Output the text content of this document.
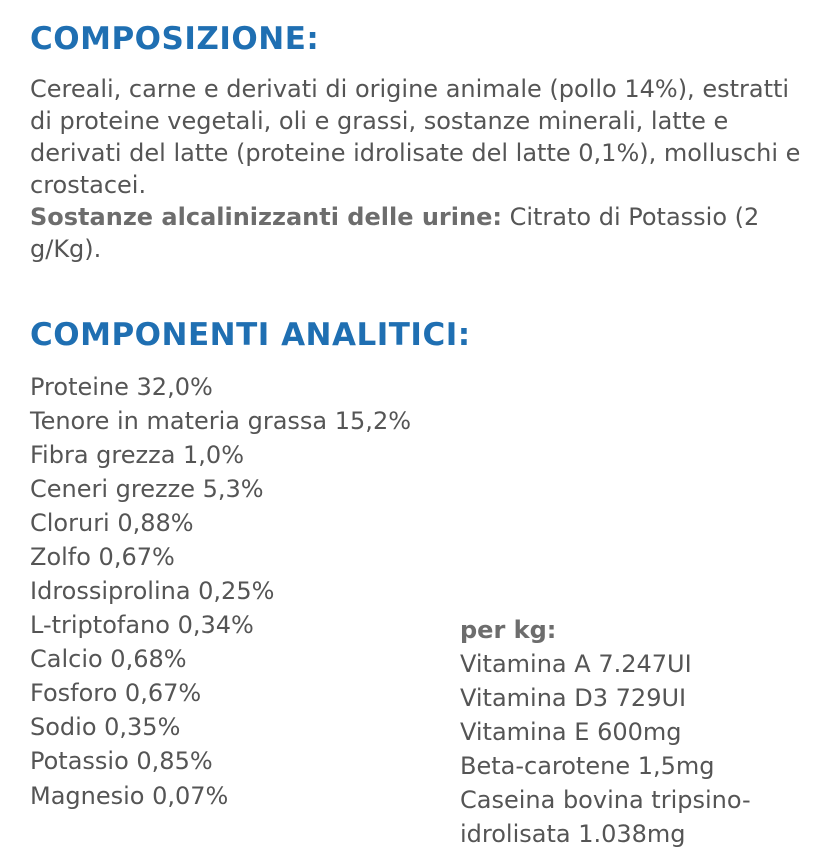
COMPOSIZIONE:

Cereali, carne e derivati di origine animale (pollo 14%), estratti di proteine vegetali, oli e grassi, sostanze minerali, latte e derivati del latte (proteine idrolisate del latte 0,1%), molluschi e crostacei.

Sostanze alcalinizzanti delle urine: Citrato di Potassio (2 g/Kg).

COMPONENTI ANALITICI:
Proteine 32,0%
Tenore in materia grassa 15,2%
Fibra grezza 1,0%
Ceneri grezze 5,3%
Cloruri 0,88%
Zolfo 0,67%
Idrossiprolina 0,25%
L-triptofano 0,34%
Calcio 0,68%
Fosforo 0,67%
Sodio 0,35%
Potassio 0,85%
Magnesio 0,07%

per kg:

Vitamina A 7.247UI
Vitamina D3 729UI
Vitamina E 600mg
Beta-carotene 1,5mg
Caseina bovina tripsino-
idrolisata 1.038mg
